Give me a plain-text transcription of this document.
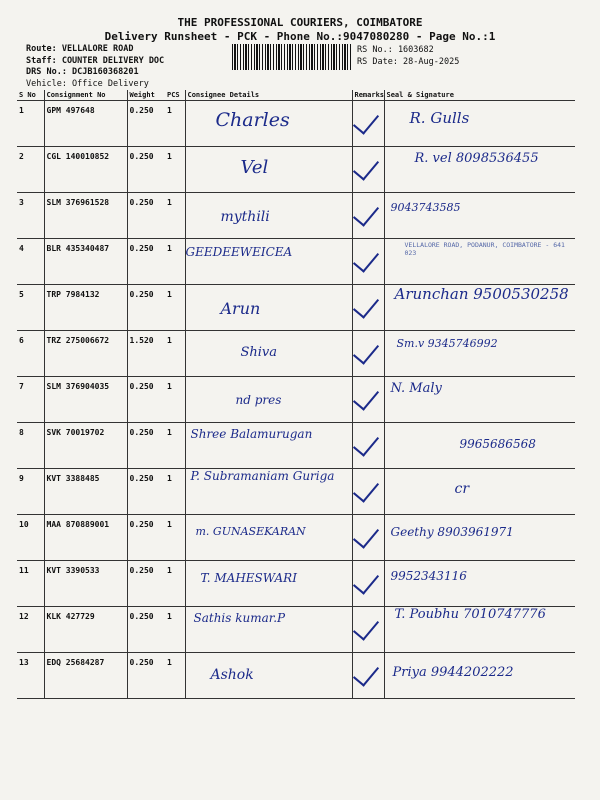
THE PROFESSIONAL COURIERS, COIMBATORE
Delivery Runsheet - PCK - Phone No.:9047080280 - Page No.:1
Route: VELLALORE ROAD
Staff: COUNTER DELIVERY DOC
DRS No.: DCJB160368201
Vehicle: Office Delivery
RS No.: 1603682
RS Date: 28-Aug-2025
S No	Consignment No	Weight	PCS	Consignee Details	Remarks	Seal & Signature
1	GPM 497648	0.250	1	Charles		R. Gulls

2	CGL 140010852	0.250	1	Vel		R. vel 8098536455

3	SLM 376961528	0.250	1	mythili		9043743585

4	BLR 435340487	0.250	1	GEEDEEWEICEA		VELLALORE ROAD, PODANUR, COIMBATORE - 641 023

5	TRP 7984132	0.250	1	Arun		Arunchan 9500530258

6	TRZ 275006672	1.520	1	Shiva		Sm.v 9345746992

7	SLM 376904035	0.250	1	nd pres		N. Maly

8	SVK 70019702	0.250	1	Shree Balamurugan		9965686568

9	KVT 3388485	0.250	1	P. Subramaniam Guriga		cr

10	MAA 870889001	0.250	1	m. GUNASEKARAN		Geethy 8903961971

11	KVT 3390533	0.250	1	T. MAHESWARI		9952343116

12	KLK 427729	0.250	1	Sathis kumar.P		T. Poubhu 7010747776

13	EDQ 25684287	0.250	1	Ashok		Priya 9944202222
